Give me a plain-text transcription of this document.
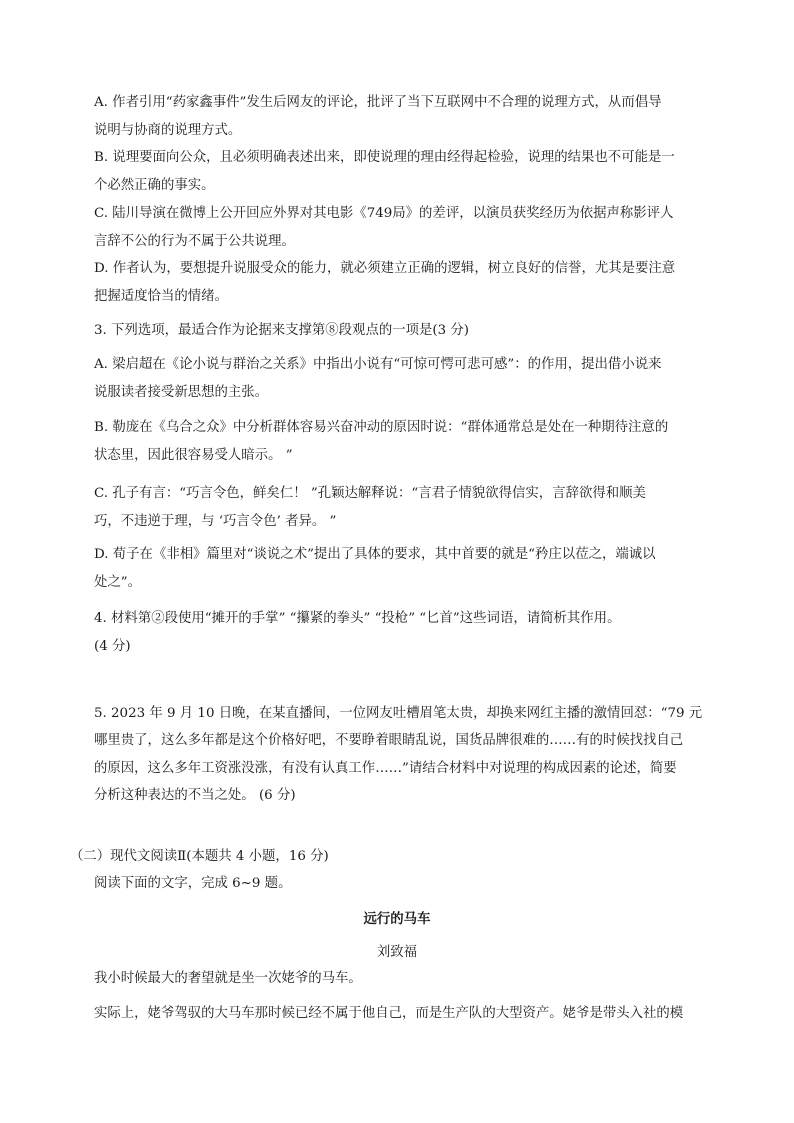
A. 作者引用“药家鑫事件”发生后网友的评论，批评了当下互联网中不合理的说理方式，从而倡导
说明与协商的说理方式。
B. 说理要面向公众，且必须明确表述出来，即使说理的理由经得起检验，说理的结果也不可能是一
个必然正确的事实。
C. 陆川导演在微博上公开回应外界对其电影《749局》的差评，以演员获奖经历为依据声称影评人
言辞不公的行为不属于公共说理。
D. 作者认为，要想提升说服受众的能力，就必须建立正确的逻辑，树立良好的信誉，尤其是要注意
把握适度恰当的情绪。
3. 下列选项，最适合作为论据来支撑第⑧段观点的一项是(3 分)
A. 梁启超在《论小说与群治之关系》中指出小说有“可惊可愕可悲可感”：的作用，提出借小说来
说服读者接受新思想的主张。
B. 勒庞在《乌合之众》中分析群体容易兴奋冲动的原因时说：“群体通常总是处在一种期待注意的
状态里，因此很容易受人暗示。 ”
C. 孔子有言：“巧言令色，鲜矣仁！ ”孔颖达解释说：“言君子情貌欲得信实，言辞欲得和顺美
巧，不违逆于理，与 ‘巧言令色’ 者异。 ”
D. 荀子在《非相》篇里对“谈说之术”提出了具体的要求，其中首要的就是“矜庄以莅之，端诚以
处之”。
4. 材料第②段使用“摊开的手掌” “攥紧的拳头” “投枪” “匕首”这些词语，请简析其作用。
(4 分)
5. 2023 年 9 月 10 日晚，在某直播间，一位网友吐槽眉笔太贵，却换来网红主播的激情回怼：“79 元
哪里贵了，这么多年都是这个价格好吧，不要睁着眼睛乱说，国货品牌很难的……有的时候找找自己
的原因，这么多年工资涨没涨，有没有认真工作……”请结合材料中对说理的构成因素的论述，简要
分析这种表达的不当之处。 (6 分)
（二）现代文阅读Ⅱ(本题共 4 小题，16 分)
阅读下面的文字，完成 6~9 题。
远行的马车
刘致福
我小时候最大的奢望就是坐一次姥爷的马车。
实际上，姥爷驾驭的大马车那时候已经不属于他自己，而是生产队的大型资产。姥爷是带头入社的模
